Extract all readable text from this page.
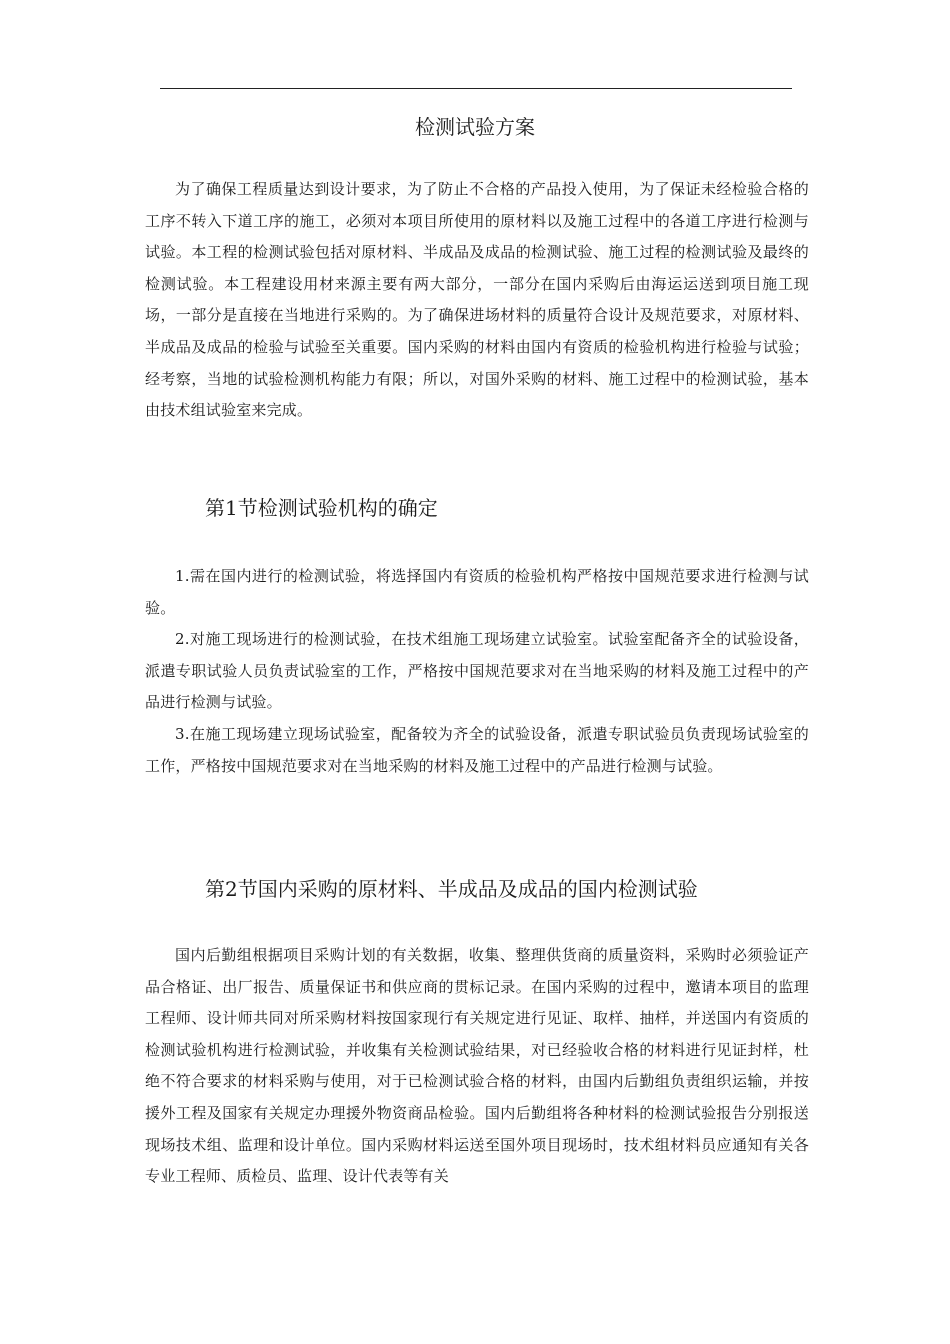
检测试验方案

为了确保工程质量达到设计要求，为了防止不合格的产品投入使用，为了保证未经检验合格的工序不转入下道工序的施工，必须对本项目所使用的原材料以及施工过程中的各道工序进行检测与试验。本工程的检测试验包括对原材料、半成品及成品的检测试验、施工过程的检测试验及最终的检测试验。本工程建设用材来源主要有两大部分，一部分在国内采购后由海运运送到项目施工现场，一部分是直接在当地进行采购的。为了确保进场材料的质量符合设计及规范要求，对原材料、半成品及成品的检验与试验至关重要。国内采购的材料由国内有资质的检验机构进行检验与试验；经考察，当地的试验检测机构能力有限；所以，对国外采购的材料、施工过程中的检测试验，基本由技术组试验室来完成。

第1节检测试验机构的确定

1.需在国内进行的检测试验，将选择国内有资质的检验机构严格按中国规范要求进行检测与试验。

2.对施工现场进行的检测试验，在技术组施工现场建立试验室。试验室配备齐全的试验设备，派遣专职试验人员负责试验室的工作，严格按中国规范要求对在当地采购的材料及施工过程中的产品进行检测与试验。

3.在施工现场建立现场试验室，配备较为齐全的试验设备，派遣专职试验员负责现场试验室的工作，严格按中国规范要求对在当地采购的材料及施工过程中的产品进行检测与试验。

第2节国内采购的原材料、半成品及成品的国内检测试验

国内后勤组根据项目采购计划的有关数据，收集、整理供货商的质量资料，采购时必须验证产品合格证、出厂报告、质量保证书和供应商的贯标记录。在国内采购的过程中，邀请本项目的监理工程师、设计师共同对所采购材料按国家现行有关规定进行见证、取样、抽样，并送国内有资质的检测试验机构进行检测试验，并收集有关检测试验结果，对已经验收合格的材料进行见证封样，杜绝不符合要求的材料采购与使用，对于已检测试验合格的材料，由国内后勤组负责组织运输，并按援外工程及国家有关规定办理援外物资商品检验。国内后勤组将各种材料的检测试验报告分别报送现场技术组、监理和设计单位。国内采购材料运送至国外项目现场时，技术组材料员应通知有关各专业工程师、质检员、监理、设计代表等有关
